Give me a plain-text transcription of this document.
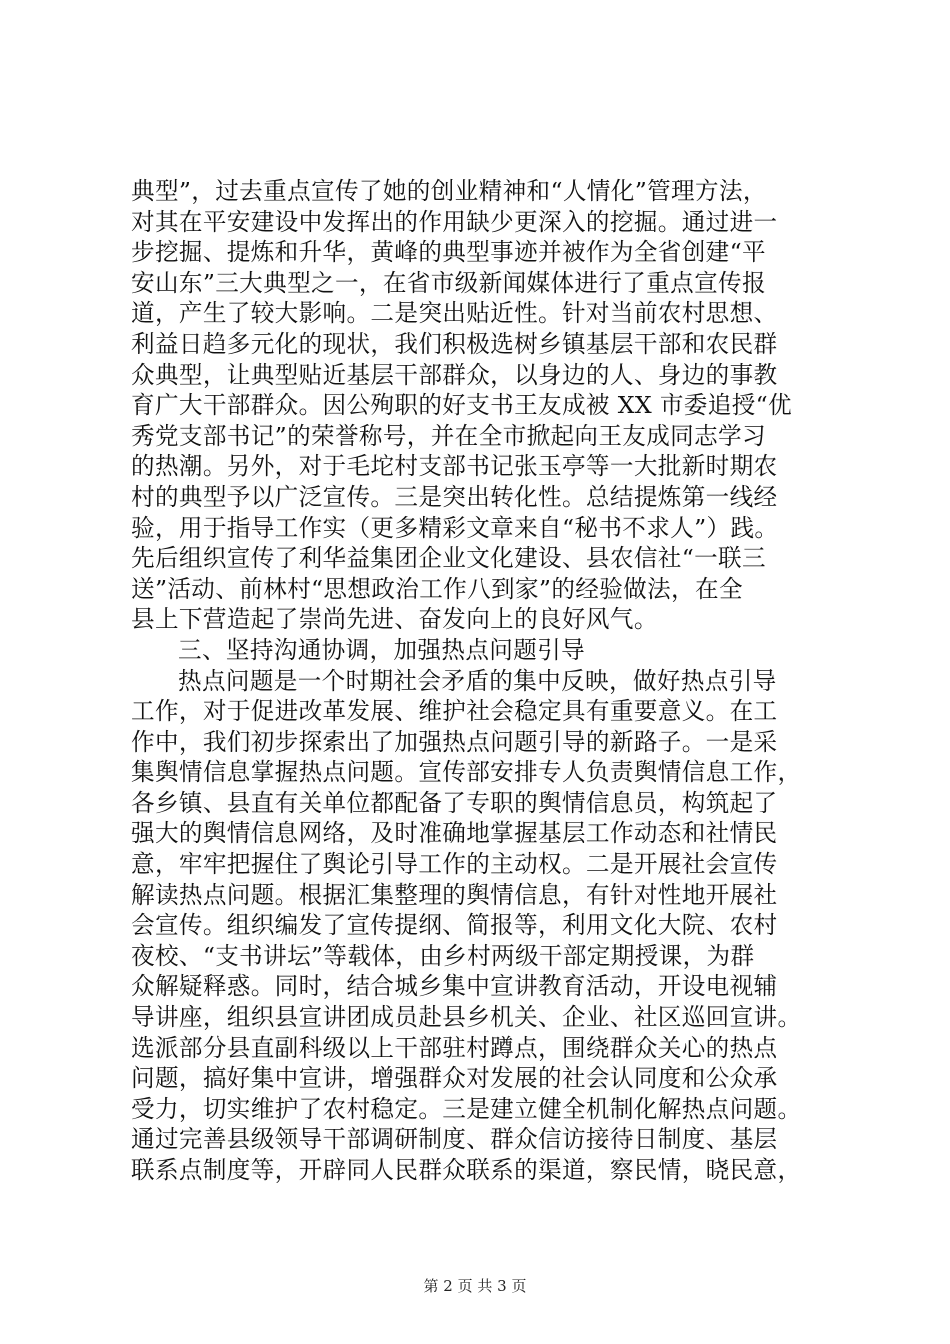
典型”，过去重点宣传了她的创业精神和“人情化”管理方法，
对其在平安建设中发挥出的作用缺少更深入的挖掘。通过进一
步挖掘、提炼和升华，黄峰的典型事迹并被作为全省创建“平
安山东”三大典型之一，在省市级新闻媒体进行了重点宣传报
道，产生了较大影响。二是突出贴近性。针对当前农村思想、
利益日趋多元化的现状，我们积极选树乡镇基层干部和农民群
众典型，让典型贴近基层干部群众，以身边的人、身边的事教
育广大干部群众。因公殉职的好支书王友成被 XX 市委追授“优
秀党支部书记”的荣誉称号，并在全市掀起向王友成同志学习
的热潮。另外，对于毛坨村支部书记张玉亭等一大批新时期农
村的典型予以广泛宣传。三是突出转化性。总结提炼第一线经
验，用于指导工作实（更多精彩文章来自“秘书不求人”）践。
先后组织宣传了利华益集团企业文化建设、县农信社“一联三
送”活动、前林村“思想政治工作八到家”的经验做法，在全
县上下营造起了崇尚先进、奋发向上的良好风气。
三、坚持沟通协调，加强热点问题引导
热点问题是一个时期社会矛盾的集中反映，做好热点引导
工作，对于促进改革发展、维护社会稳定具有重要意义。在工
作中，我们初步探索出了加强热点问题引导的新路子。一是采
集舆情信息掌握热点问题。宣传部安排专人负责舆情信息工作，
各乡镇、县直有关单位都配备了专职的舆情信息员，构筑起了
强大的舆情信息网络，及时准确地掌握基层工作动态和社情民
意，牢牢把握住了舆论引导工作的主动权。二是开展社会宣传
解读热点问题。根据汇集整理的舆情信息，有针对性地开展社
会宣传。组织编发了宣传提纲、简报等，利用文化大院、农村
夜校、“支书讲坛”等载体，由乡村两级干部定期授课，为群
众解疑释惑。同时，结合城乡集中宣讲教育活动，开设电视辅
导讲座，组织县宣讲团成员赴县乡机关、企业、社区巡回宣讲。
选派部分县直副科级以上干部驻村蹲点，围绕群众关心的热点
问题，搞好集中宣讲，增强群众对发展的社会认同度和公众承
受力，切实维护了农村稳定。三是建立健全机制化解热点问题。
通过完善县级领导干部调研制度、群众信访接待日制度、基层
联系点制度等，开辟同人民群众联系的渠道，察民情，晓民意，
第 2 页 共 3 页
